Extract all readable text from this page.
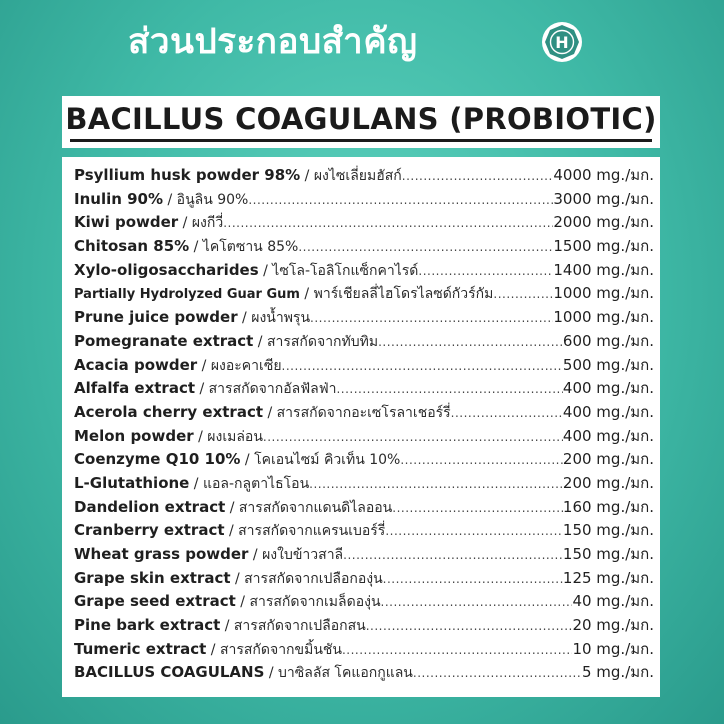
ส่วนประกอบสำคัญ	H
BACILLUS COAGULANS (PROBIOTIC)
Psyllium husk powder 98% / ผงไซเลี่ยมฮัสก์ .....	4000 mg./มก.
Inulin 90% / อินูลิน 90% .....	3000 mg./มก.
Kiwi powder / ผงกีวี่ .....	2000 mg./มก.
Chitosan 85% / ไคโตซาน 85% .....	1500 mg./มก.
Xylo-oligosaccharides / ไซโล-โอลิโกแซ็กคาไรด์ .....	1400 mg./มก.
Partially Hydrolyzed Guar Gum / พาร์เชียลลี่ไฮโดรไลซด์กัวร์กัม .....	1000 mg./มก.
Prune juice powder / ผงน้ำพรุน .....	1000 mg./มก.
Pomegranate extract / สารสกัดจากทับทิม .....	600 mg./มก.
Acacia powder / ผงอะคาเซีย .....	500 mg./มก.
Alfalfa extract / สารสกัดจากอัลฟัลฟ่า .....	400 mg./มก.
Acerola cherry extract / สารสกัดจากอะเซโรลาเชอร์รี่ .....	400 mg./มก.
Melon powder / ผงเมล่อน .....	400 mg./มก.
Coenzyme Q10 10% / โคเอนไซม์ คิวเท็น 10% .....	200 mg./มก.
L-Glutathione / แอล-กลูตาไธโอน .....	200 mg./มก.
Dandelion extract / สารสกัดจากแดนดิไลออน .....	160 mg./มก.
Cranberry extract / สารสกัดจากแครนเบอร์รี่ .....	150 mg./มก.
Wheat grass powder / ผงใบข้าวสาลี .....	150 mg./มก.
Grape skin extract / สารสกัดจากเปลือกองุ่น .....	125 mg./มก.
Grape seed extract / สารสกัดจากเมล็ดองุ่น .....	40 mg./มก.
Pine bark extract / สารสกัดจากเปลือกสน .....	20 mg./มก.
Tumeric extract / สารสกัดจากขมิ้นชัน .....	10 mg./มก.
BACILLUS COAGULANS / บาซิลลัส โคแอกกูแลน .....	5 mg./มก.
